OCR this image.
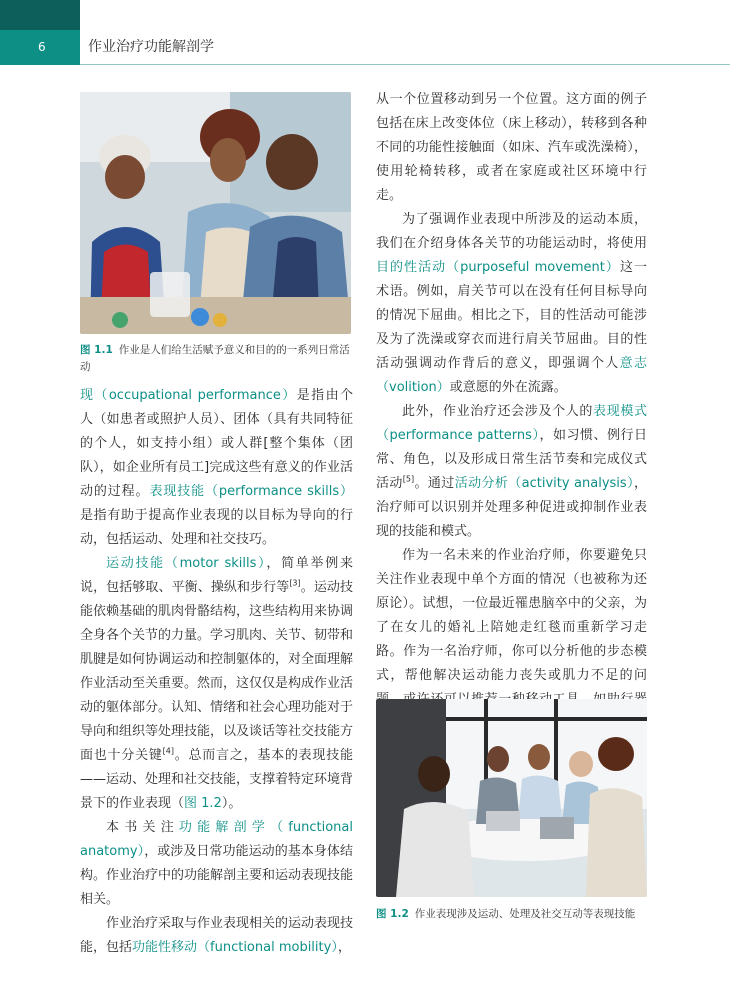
6	作业治疗功能解剖学
图 1.1 作业是人们给生活赋予意义和目的的一系列日常活动

现（occupational performance）是指由个人（如患者或照护人员）、团体（具有共同特征的个人，如支持小组）或人群[整个集体（团队），如企业所有员工]完成这些有意义的作业活动的过程。表现技能（performance skills）是指有助于提高作业表现的以目标为导向的行动，包括运动、处理和社交技巧。

运动技能（motor skills），简单举例来说，包括够取、平衡、操纵和步行等[3]。运动技能依赖基础的肌肉骨骼结构，这些结构用来协调全身各个关节的力量。学习肌肉、关节、韧带和肌腱是如何协调运动和控制躯体的，对全面理解作业活动至关重要。然而，这仅仅是构成作业活动的躯体部分。认知、情绪和社会心理功能对于导向和组织等处理技能，以及谈话等社交技能方面也十分关键[4]。总而言之，基本的表现技能——运动、处理和社交技能，支撑着特定环境背景下的作业表现（图 1.2）。

本书关注功能解剖学（functional anatomy），或涉及日常功能运动的基本身体结构。作业治疗中的功能解剖主要和运动表现技能相关。

作业治疗采取与作业表现相关的运动表现技能，包括功能性移动（functional mobility），

从一个位置移动到另一个位置。这方面的例子包括在床上改变体位（床上移动），转移到各种不同的功能性接触面（如床、汽车或洗澡椅），使用轮椅转移，或者在家庭或社区环境中行走。

为了强调作业表现中所涉及的运动本质，我们在介绍身体各关节的功能运动时，将使用目的性活动（purposeful movement）这一术语。例如，肩关节可以在没有任何目标导向的情况下屈曲。相比之下，目的性活动可能涉及为了洗澡或穿衣而进行肩关节屈曲。目的性活动强调动作背后的意义，即强调个人意志（volition）或意愿的外在流露。

此外，作业治疗还会涉及个人的表现模式（performance patterns），如习惯、例行日常、角色，以及形成日常生活节奏和完成仪式活动[5]。通过活动分析（activity analysis），治疗师可以识别并处理多种促进或抑制作业表现的技能和模式。

作为一名未来的作业治疗师，你要避免只关注作业表现中单个方面的情况（也被称为还原论）。试想，一位最近罹患脑卒中的父亲，为了在女儿的婚礼上陪她走红毯而重新学习走路。作为一名治疗师，你可以分析他的步态模式，帮他解决运动能力丧失或肌力不足的问

图 1.2 作业表现涉及运动、处理及社交互动等表现技能
